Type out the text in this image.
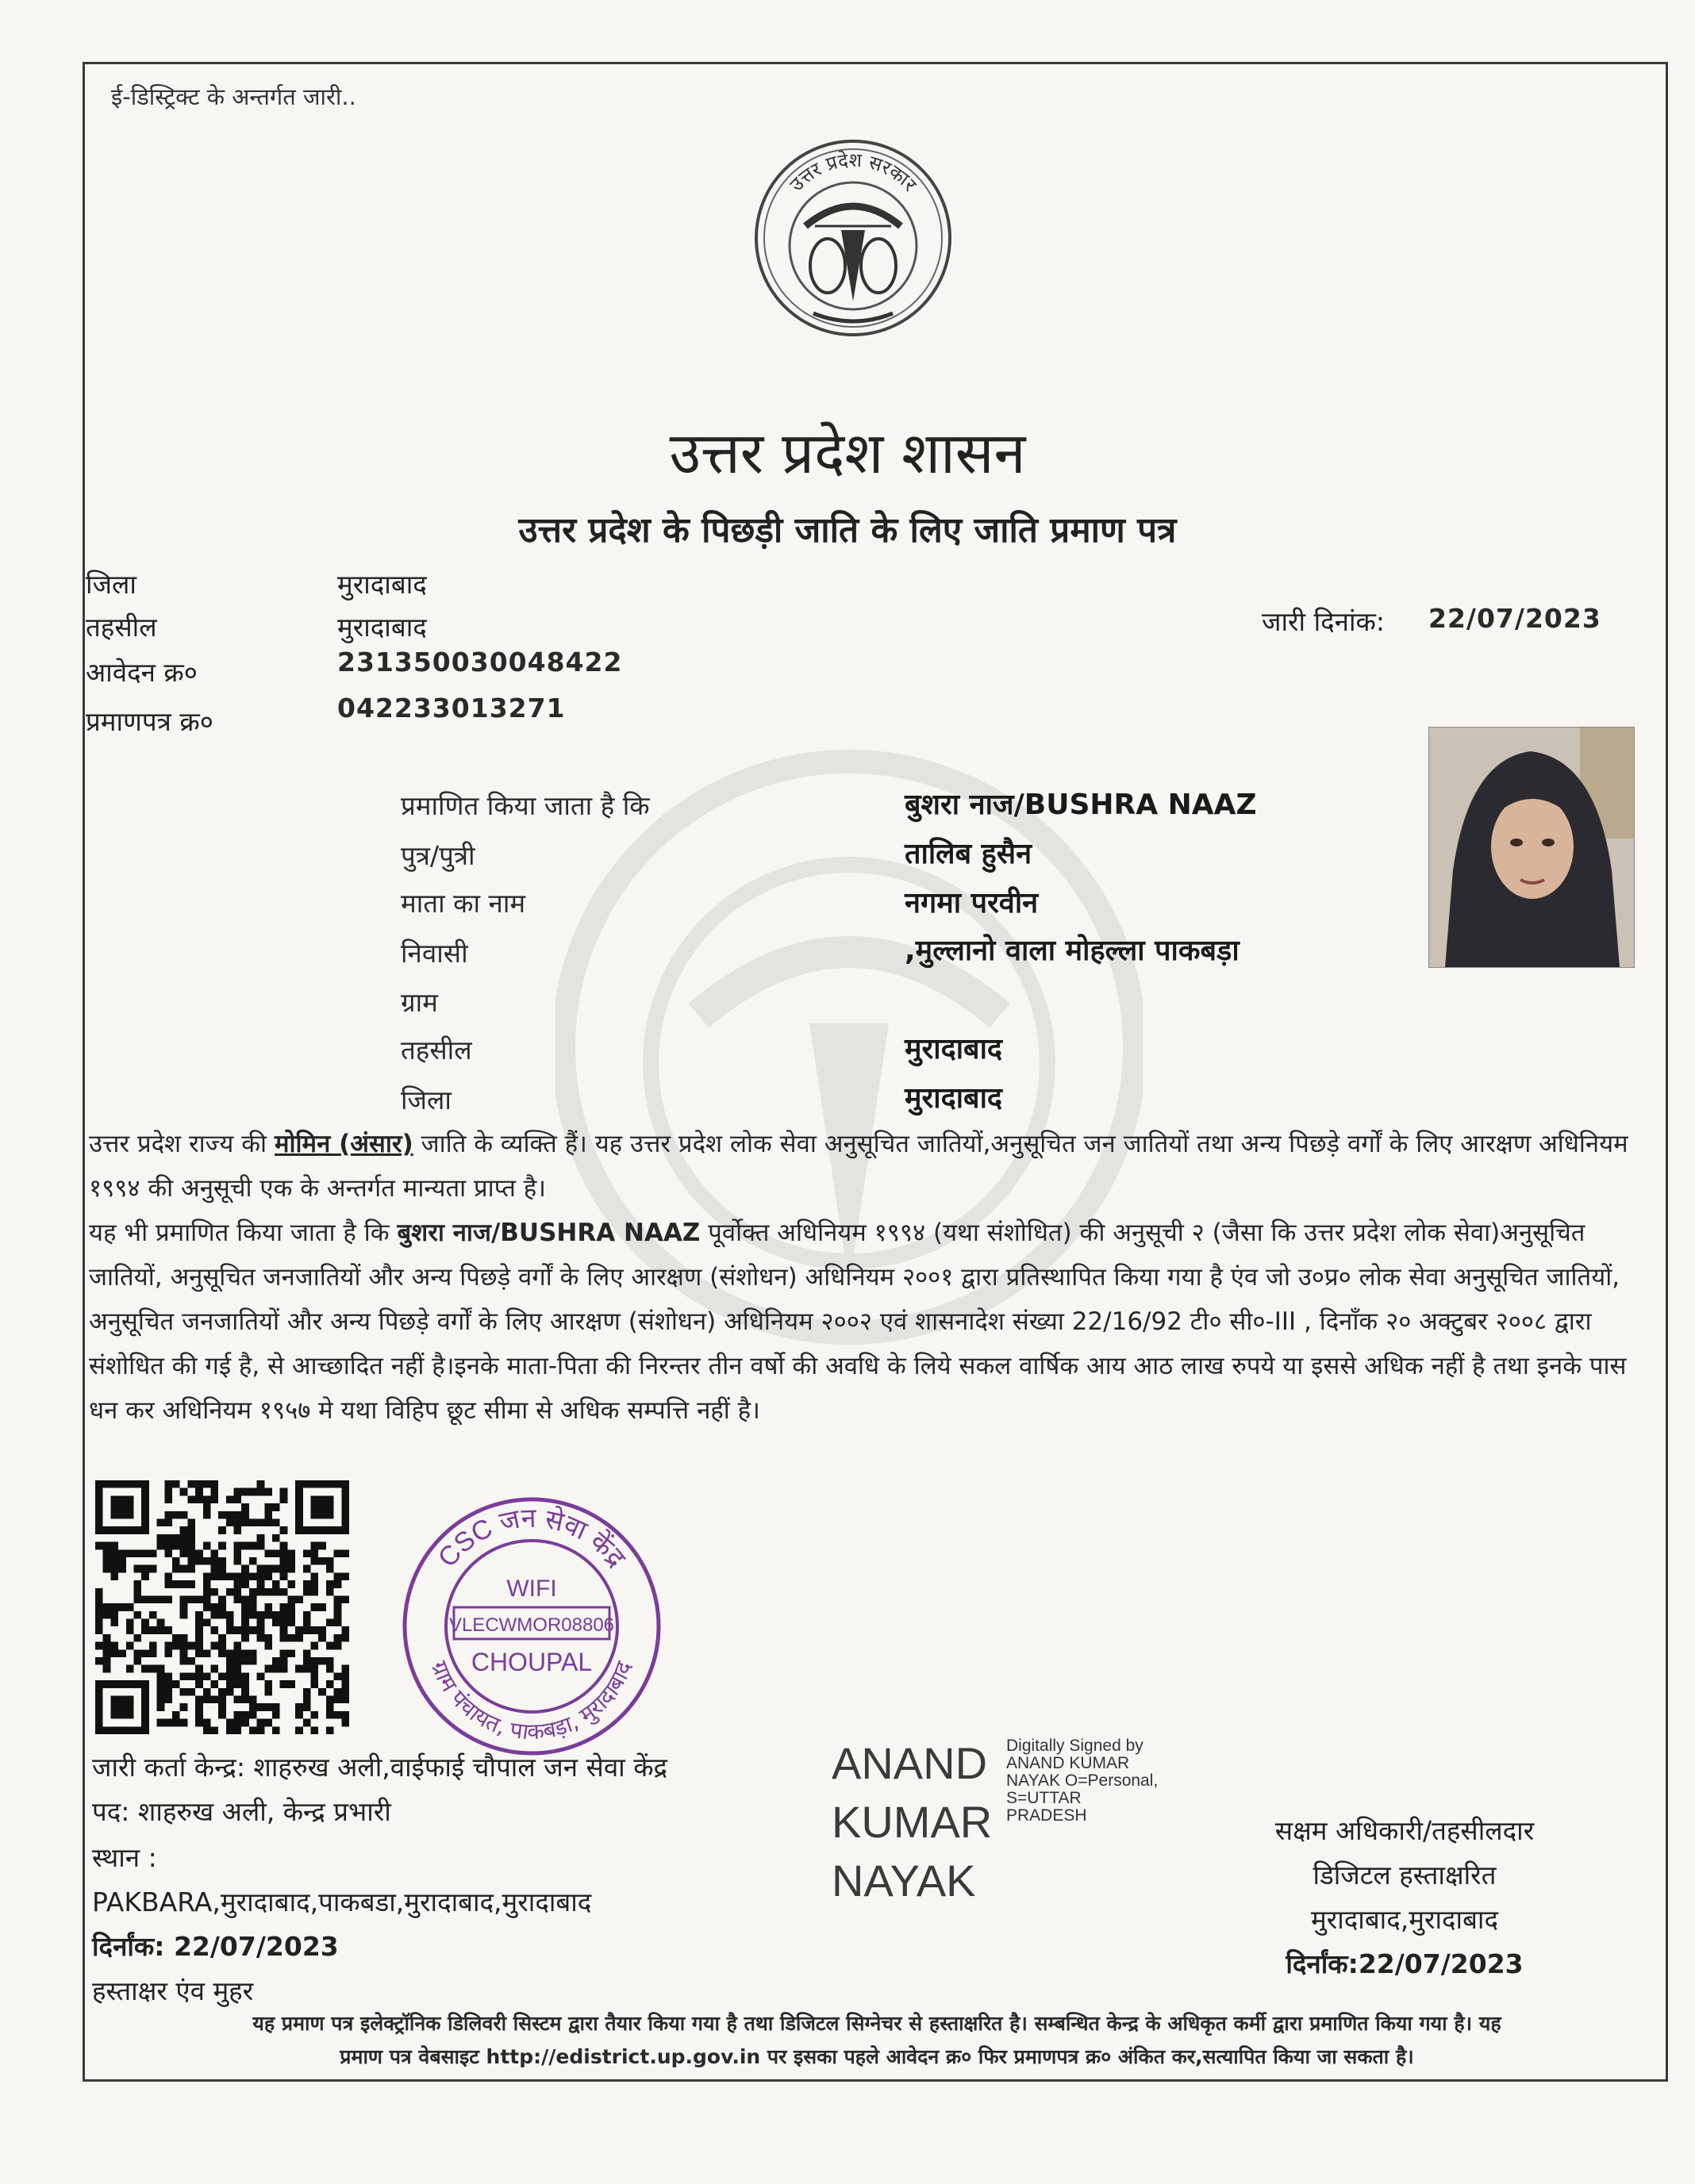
ई-डिस्ट्रिक्ट के अन्तर्गत जारी..
उत्तर प्रदेश सरकार
उत्तर प्रदेश शासन
उत्तर प्रदेश के पिछड़ी जाति के लिए जाति प्रमाण पत्र
जिला	मुरादाबाद
तहसील	मुरादाबाद
आवेदन क्र०	231350030048422
प्रमाणपत्र क्र०	042233013271
जारी दिनांक: 22/07/2023
प्रमाणित किया जाता है कि	बुशरा नाज/BUSHRA NAAZ
पुत्र/पुत्री	तालिब हुसैन
माता का नाम	नगमा परवीन
निवासी	,मुल्लानो वाला मोहल्ला पाकबड़ा
ग्राम
तहसील	मुरादाबाद
जिला	मुरादाबाद
उत्तर प्रदेश राज्य की मोमिन (अंसार) जाति के व्यक्ति हैं। यह उत्तर प्रदेश लोक सेवा अनुसूचित जातियों,अनुसूचित जन जातियों तथा अन्य पिछड़े वर्गों के लिए आरक्षण अधिनियम १९९४ की अनुसूची एक के अन्तर्गत मान्यता प्राप्त है।
यह भी प्रमाणित किया जाता है कि बुशरा नाज/BUSHRA NAAZ पूर्वोक्त अधिनियम १९९४ (यथा संशोधित) की अनुसूची २ (जैसा कि उत्तर प्रदेश लोक सेवा)अनुसूचित जातियों, अनुसूचित जनजातियों और अन्य पिछड़े वर्गों के लिए आरक्षण (संशोधन) अधिनियम २००१ द्वारा प्रतिस्थापित किया गया है एंव जो उ०प्र० लोक सेवा अनुसूचित जातियों, अनुसूचित जनजातियों और अन्य पिछड़े वर्गों के लिए आरक्षण (संशोधन) अधिनियम २००२ एवं शासनादेश संख्या 22/16/92 टी० सी०-III , दिनाँक २० अक्टुबर २००८ द्वारा संशोधित की गई है, से आच्छादित नहीं है।इनके माता-पिता की निरन्तर तीन वर्षो की अवधि के लिये सकल वार्षिक आय आठ लाख रुपये या इससे अधिक नहीं है तथा इनके पास धन कर अधिनियम १९५७ मे यथा विहिप छूट सीमा से अधिक सम्पत्ति नहीं है।
CSC जन सेवा केंद्र
ग्राम पंचायत, पाकबड़ा, मुरादाबाद
WIFI
VLECWMOR08806
CHOUPAL
जारी कर्ता केन्द्र: शाहरुख अली,वाईफाई चौपाल जन सेवा केंद्र
पद: शाहरुख अली, केन्द्र प्रभारी
स्थान :
PAKBARA,मुरादाबाद,पाकबडा,मुरादाबाद,मुरादाबाद
दिर्नांक: 22/07/2023
हस्ताक्षर एंव मुहर
ANAND
KUMAR
NAYAK
Digitally Signed by
ANAND KUMAR
NAYAK O=Personal,
S=UTTAR
PRADESH	सक्षम अधिकारी/तहसीलदार
डिजिटल हस्ताक्षरित
मुरादाबाद,मुरादाबाद
दिर्नांक:22/07/2023
यह प्रमाण पत्र इलेक्ट्रॉनिक डिलिवरी सिस्टम द्वारा तैयार किया गया है तथा डिजिटल सिग्नेचर से हस्ताक्षरित है। सम्बन्धित केन्द्र के अधिकृत कर्मी द्वारा प्रमाणित किया गया है। यह
प्रमाण पत्र वेबसाइट http://edistrict.up.gov.in पर इसका पहले आवेदन क्र० फिर प्रमाणपत्र क्र० अंकित कर,सत्यापित किया जा सकता है।
